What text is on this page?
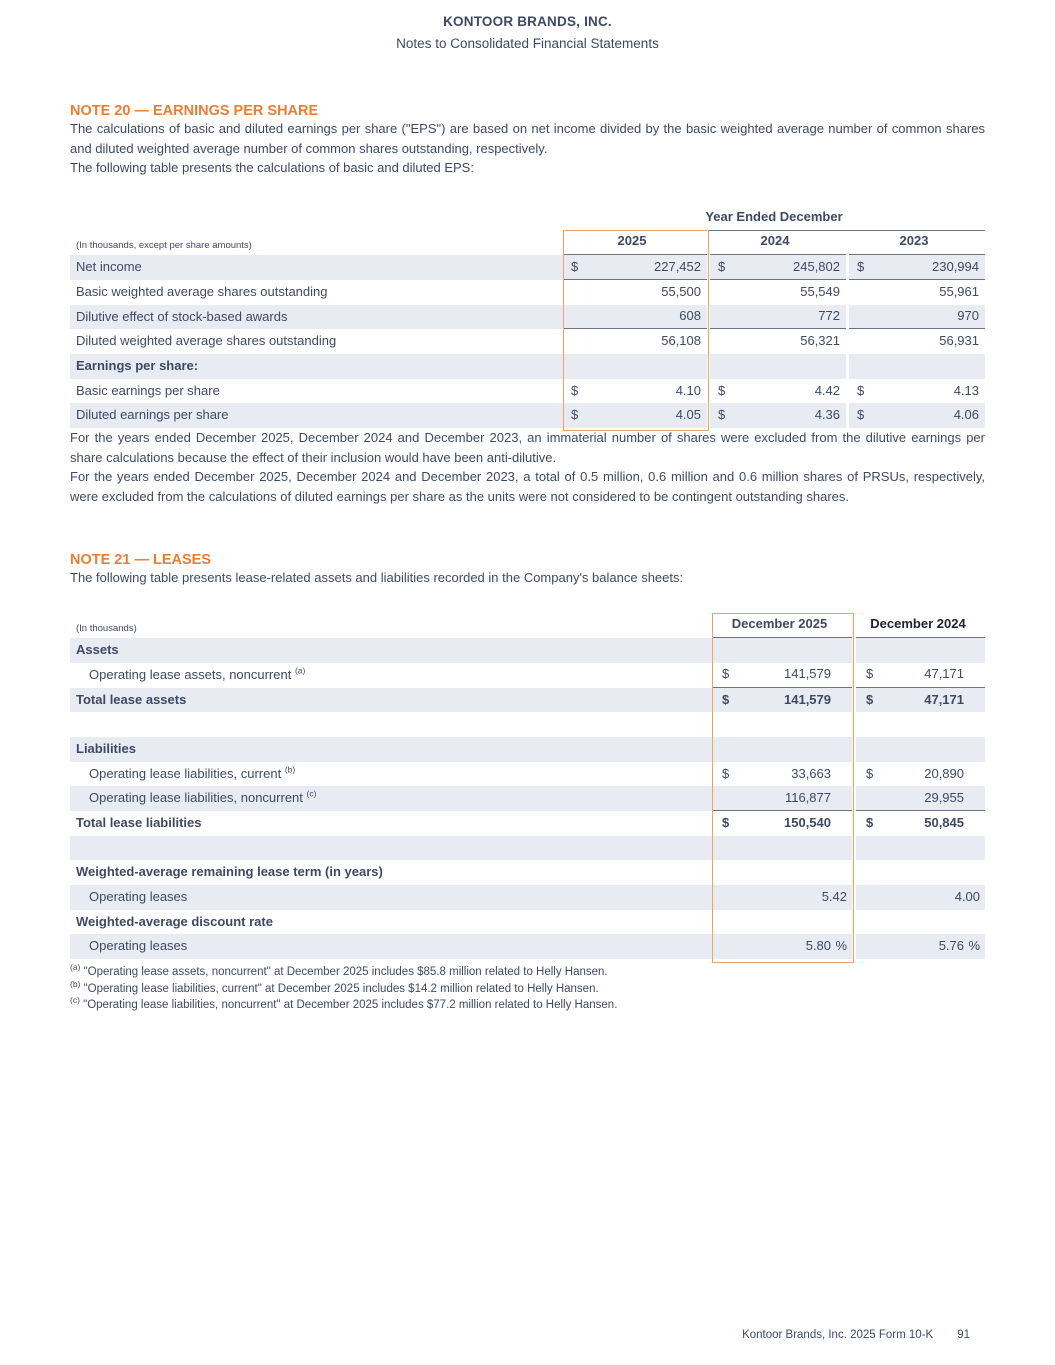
KONTOOR BRANDS, INC.
Notes to Consolidated Financial Statements
NOTE 20 — EARNINGS PER SHARE

The calculations of basic and diluted earnings per share ("EPS") are based on net income divided by the basic weighted average number of common shares and diluted weighted average number of common shares outstanding, respectively.

The following table presents the calculations of basic and diluted EPS:

Year Ended December
(In thousands, except per share amounts)	2025	2024	2023
Net income	$	227,452	$	245,802	$	230,994
Basic weighted average shares outstanding	55,500	55,549	55,961
Dilutive effect of stock-based awards	608	772	970
Diluted weighted average shares outstanding	56,108	56,321	56,931
Earnings per share:
Basic earnings per share	$	4.10	$	4.42	$	4.13
Diluted earnings per share	$	4.05	$	4.36	$	4.06

For the years ended December 2025, December 2024 and December 2023, an immaterial number of shares were excluded from the dilutive earnings per share calculations because the effect of their inclusion would have been anti-dilutive.

For the years ended December 2025, December 2024 and December 2023, a total of 0.5 million, 0.6 million and 0.6 million shares of PRSUs, respectively, were excluded from the calculations of diluted earnings per share as the units were not considered to be contingent outstanding shares.

NOTE 21 — LEASES

The following table presents lease-related assets and liabilities recorded in the Company's balance sheets:

(In thousands)	December 2025	December 2024
Assets
Operating lease assets, noncurrent $^{(a)}$	$	141,579	$	47,171
Total lease assets	$	141,579	$	47,171
Liabilities
Operating lease liabilities, current $^{(b)}$	$	33,663	$	20,890
Operating lease liabilities, noncurrent $^{(c)}$	116,877	29,955
Total lease liabilities	$	150,540	$	50,845
Weighted-average remaining lease term (in years)
Operating leases	5.42	4.00
Weighted-average discount rate
Operating leases	5.80 %	5.76 %
$^{(a)}$ "Operating lease assets, noncurrent" at December 2025 includes $85.8 million related to Helly Hansen.
$^{(b)}$ "Operating lease liabilities, current" at December 2025 includes $14.2 million related to Helly Hansen.
$^{(c)}$ "Operating lease liabilities, noncurrent" at December 2025 includes $77.2 million related to Helly Hansen.
Kontoor Brands, Inc. 2025 Form 10-K 91
